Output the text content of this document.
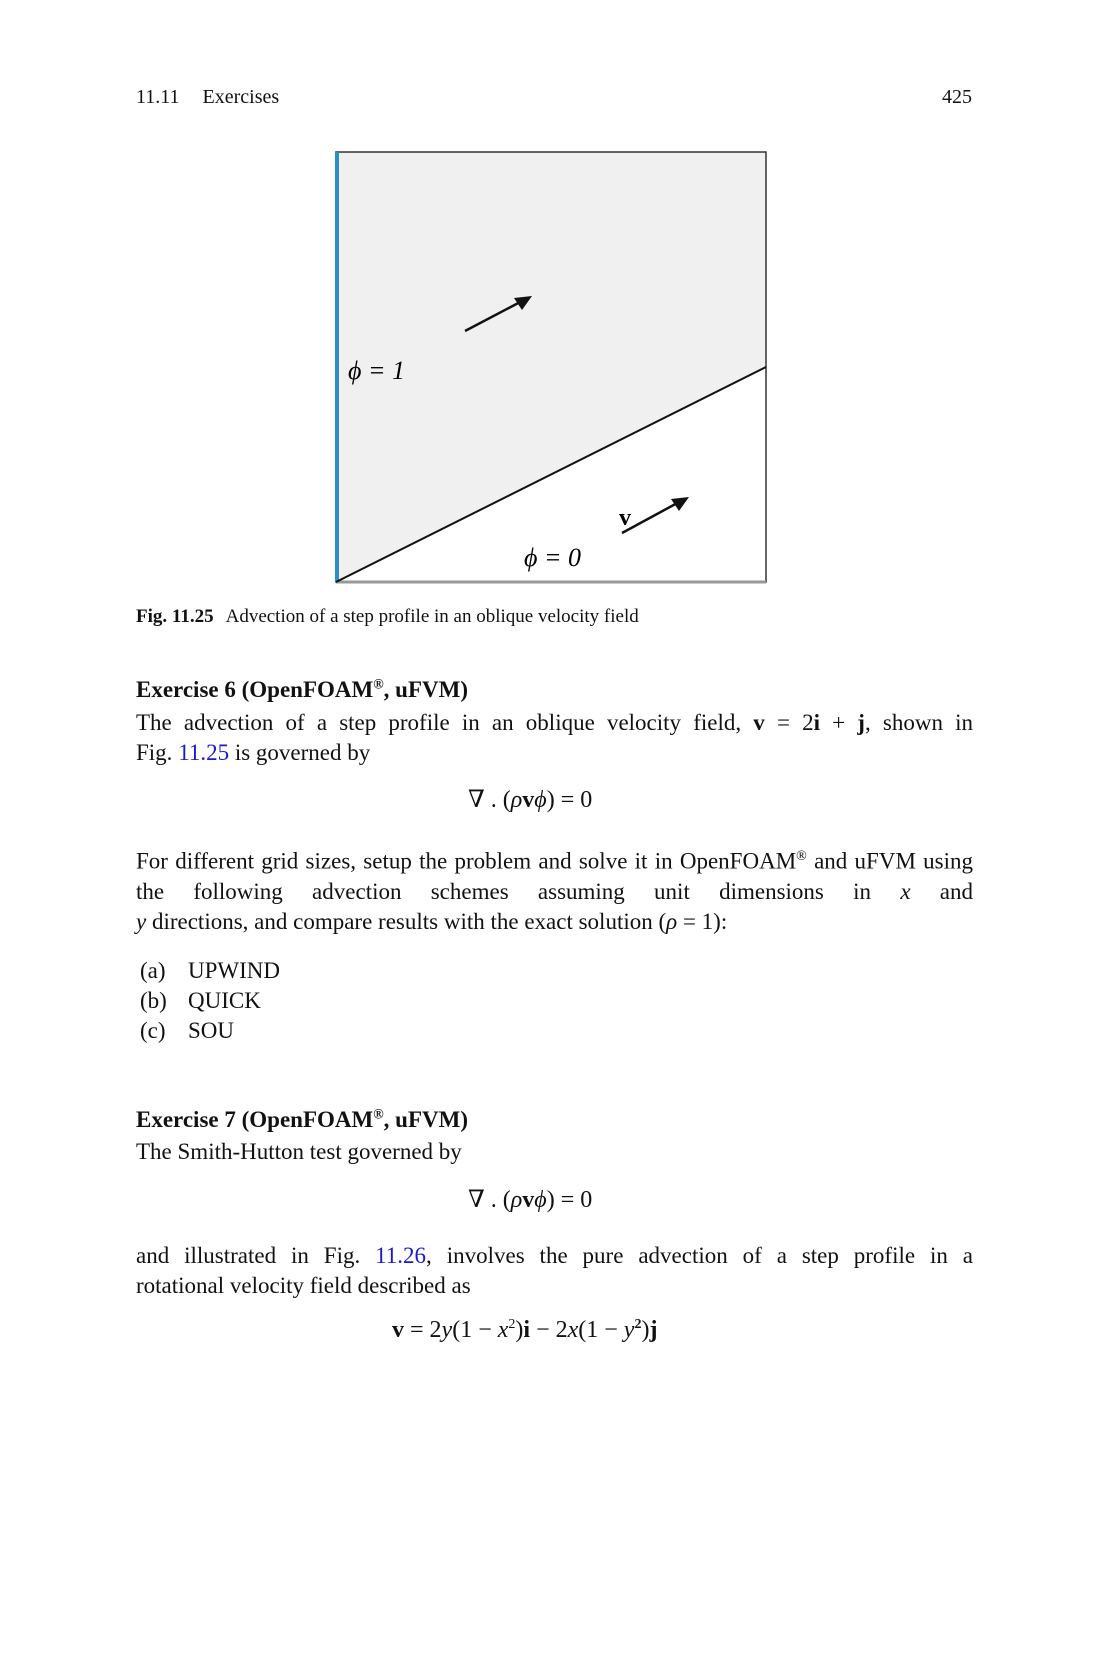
11.11 Exercises	425
ϕ = 1
v
ϕ = 0
Fig. 11.25 Advection of a step profile in an oblique velocity field
Exercise 6 (OpenFOAM®, uFVM)
The advection of a step profile in an oblique velocity field, v = 2i + j, shown in
Fig. 11.25 is governed by
∇ . (ρvϕ) = 0
For different grid sizes, setup the problem and solve it in OpenFOAM® and uFVM using the following advection schemes assuming unit dimensions in x and
y directions, and compare results with the exact solution (ρ = 1):
(a) UPWIND
(b) QUICK
(c) SOU
Exercise 7 (OpenFOAM®, uFVM)
The Smith-Hutton test governed by
∇ . (ρvϕ) = 0
and illustrated in Fig. 11.26, involves the pure advection of a step profile in a
rotational velocity field described as
$v = 2y(1 - x^2)i - 2x(1 - y^2)j$
